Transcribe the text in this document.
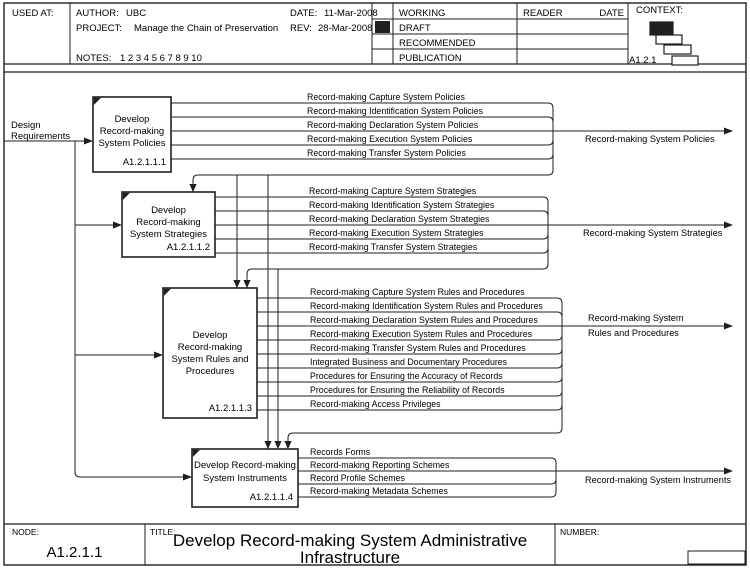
Develop
Record-making
System Policies
A1.2.1.1.1
Develop
Record-making
System Strategies
A1.2.1.1.2
Develop
Record-making
System Rules and
Procedures
A1.2.1.1.3
Develop Record-making
System Instruments
A1.2.1.1.4
Design
Requirements
Record-making Capture System Policies
Record-making Identification System Policies
Record-making Declaration System Policies
Record-making Execution System Policies
Record-making Transfer System Policies
Record-making System Policies
Record-making Capture System Strategies
Record-making Identification System Strategies
Record-making Declaration System Strategies
Record-making Execution System Strategies
Record-making Transfer System Strategies
Record-making System Strategies
Record-making Capture System Rules and Procedures
Record-making Identification System Rules and Procedures
Record-making Declaration System Rules and Procedures
Record-making Execution System Rules and Procedures
Record-making Transfer System Rules and Procedures
Integrated Business and Documentary Procedures
Procedures for Ensuring the Accuracy of Records
Procedures for Ensuring the Reliability of Records
Record-making Access Privileges
Record-making System
Rules and Procedures
Records Forms
Record-making Reporting Schemes
Record Profile Schemes
Record-making Metadata Schemes
Record-making System Instruments
USED AT: AUTHOR: UBC
PROJECT: Manage the Chain of Preservation
NOTES: 1 2 3 4 5 6 7 8 9 10
DATE: 11-Mar-2008
REV: 28-Mar-2008
WORKING
DRAFT
RECOMMENDED
PUBLICATION
READER	DATE CONTEXT:
A1.2.1
NODE:
A1.2.1.1
TITLE:
Develop Record-making System Administrative
Infrastructure
NUMBER:
